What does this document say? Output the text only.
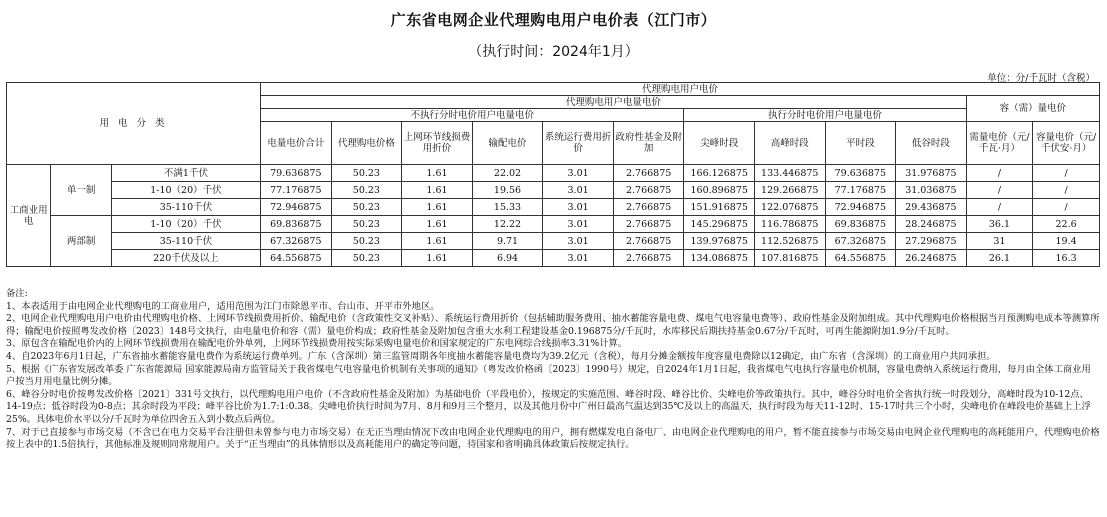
广东省电网企业代理购电用户电价表（江门市）
（执行时间：2024年1月）
单位：分/千瓦时（含税）
用 电 分 类			代理购电用户电价											
			代理购电用户电量电价										容（需）量电价	
			不执行分时电价用户电量电价						执行分时电价用户电量电价					
			电量电价合计	代理购电价格	上网环节线损费用折价	输配电价	系统运行费用折价	政府性基金及附加	尖峰时段	高峰时段	平时段	低谷时段	需量电价（元/千瓦·月）	容量电价（元/千伏安·月）
工商业用电	单一制	不满1千伏	79.636875	50.23	1.61	22.02	3.01	2.766875	166.126875	133.446875	79.636875	31.976875	/	/
		1-10（20）千伏	77.176875	50.23	1.61	19.56	3.01	2.766875	160.896875	129.266875	77.176875	31.036875	/	/
		35-110千伏	72.946875	50.23	1.61	15.33	3.01	2.766875	151.916875	122.076875	72.946875	29.436875	/	/
	两部制	1-10（20）千伏	69.836875	50.23	1.61	12.22	3.01	2.766875	145.296875	116.786875	69.836875	28.246875	36.1	22.6
		35-110千伏	67.326875	50.23	1.61	9.71	3.01	2.766875	139.976875	112.526875	67.326875	27.296875	31	19.4
		220千伏及以上	64.556875	50.23	1.61	6.94	3.01	2.766875	134.086875	107.816875	64.556875	26.246875	26.1	16.3

备注:

1、本表适用于由电网企业代理购电的工商业用户，适用范围为江门市除恩平市、台山市、开平市外地区。

2、电网企业代理购电用户电价由代理购电价格、上网环节线损费用折价、输配电价（含政策性交叉补贴）、系统运行费用折价（包括辅助服务费用、抽水蓄能容量电费、煤电气电容量电费等）、政府性基金及附加组成。其中代理购电价格根据当月预测购电成本等测算所得；输配电价按照粤发改价格〔2023〕148号文执行，由电量电价和容（需）量电价构成；政府性基金及附加包含重大水利工程建设基金0.196875分/千瓦时，水库移民后期扶持基金0.67分/千瓦时，可再生能源附加1.9分/千瓦时。

3、原包含在输配电价内的上网环节线损费用在输配电价外单列，上网环节线损费用按实际采购电量电价和国家规定的广东电网综合线损率3.31%计算。

4、自2023年6月1日起，广东省抽水蓄能容量电费作为系统运行费单列。广东（含深圳）第三监管周期各年度抽水蓄能容量电费均为39.2亿元（含税），每月分摊金额按年度容量电费除以12确定，由广东省（含深圳）的工商业用户共同承担。

5、根据《广东省发展改革委 广东省能源局 国家能源局南方监管局关于我省煤电气电容量电价机制有关事项的通知》（粤发改价格函〔2023〕1990号）规定，自2024年1月1日起，我省煤电气电执行容量电价机制，容量电费纳入系统运行费用，每月由全体工商业用户按当月用电量比例分摊。

6、峰谷分时电价按粤发改价格〔2021〕331号文执行，以代理购电用户电价（不含政府性基金及附加）为基础电价（平段电价），按规定的实施范围、峰谷时段、峰谷比价、尖峰电价等政策执行。其中，峰谷分时电价全省执行统一时段划分，高峰时段为10-12点、14-19点；低谷时段为0-8点；其余时段为平段；峰平谷比价为1.7:1:0.38。尖峰电价执行时间为7月、8月和9月三个整月，以及其他月份中广州日最高气温达到35℃及以上的高温天，执行时段为每天11-12时、15-17时共三个小时，尖峰电价在峰段电价基础上上浮25%。具体电价水平以分/千瓦时为单位四舍五入到小数点后两位。

7、对于已直接参与市场交易（不含已在电力交易平台注册但未曾参与电力市场交易）在无正当理由情况下改由电网企业代理购电的用户，拥有燃煤发电自备电厂、由电网企业代理购电的用户，暂不能直接参与市场交易由电网企业代理购电的高耗能用户，代理购电价格按上表中的1.5倍执行，其他标准及规则同常规用户。关于“正当理由”的具体情形以及高耗能用户的确定等问题，待国家和省明确具体政策后按规定执行。
